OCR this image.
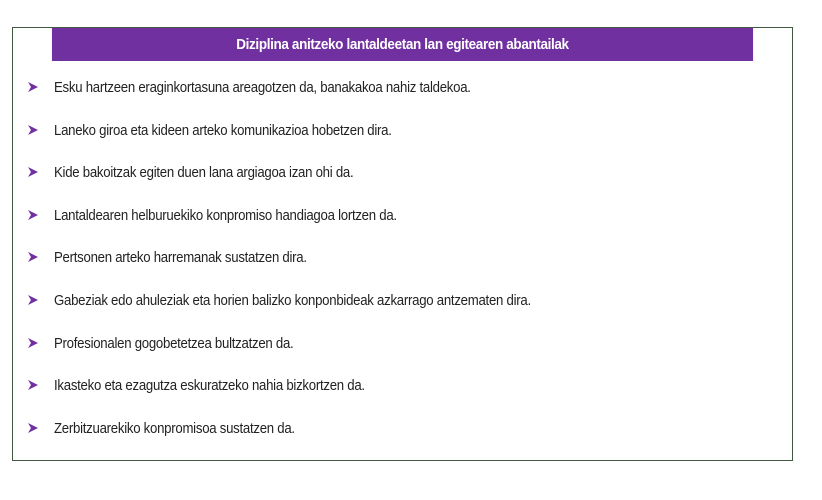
Diziplina anitzeko lantaldeetan lan egitearen abantailak
Esku hartzeen eraginkortasuna areagotzen da, banakakoa nahiz taldekoa.
Laneko giroa eta kideen arteko komunikazioa hobetzen dira.
Kide bakoitzak egiten duen lana argiagoa izan ohi da.
Lantaldearen helburuekiko konpromiso handiagoa lortzen da.
Pertsonen arteko harremanak sustatzen dira.
Gabeziak edo ahuleziak eta horien balizko konponbideak azkarrago antzematen dira.
Profesionalen gogobetetzea bultzatzen da.
Ikasteko eta ezagutza eskuratzeko nahia bizkortzen da.
Zerbitzuarekiko konpromisoa sustatzen da.
